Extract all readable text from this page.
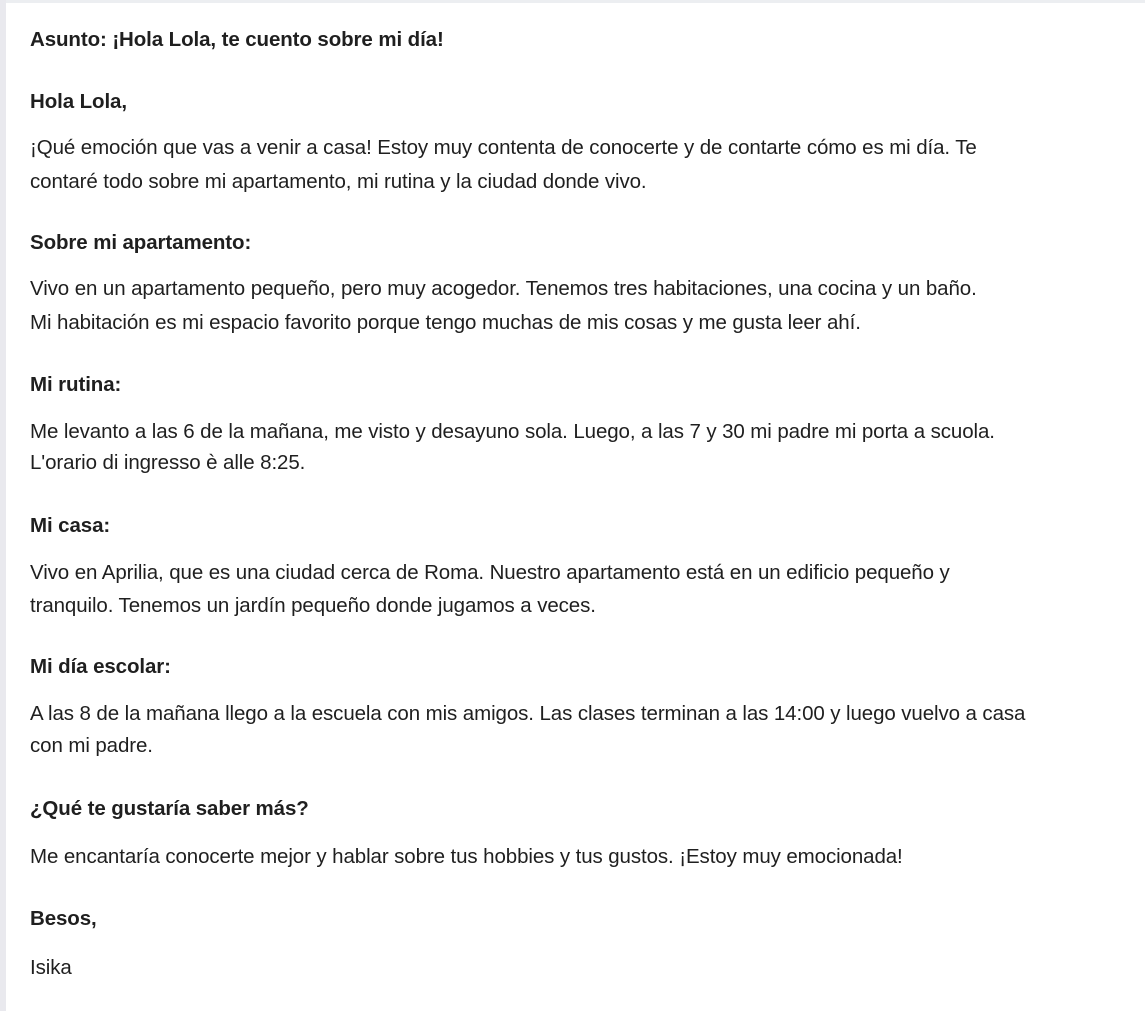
Asunto: ¡Hola Lola, te cuento sobre mi día!
Hola Lola,
¡Qué emoción que vas a venir a casa! Estoy muy contenta de conocerte y de contarte cómo es mi día. Te
contaré todo sobre mi apartamento, mi rutina y la ciudad donde vivo.
Sobre mi apartamento:
Vivo en un apartamento pequeño, pero muy acogedor. Tenemos tres habitaciones, una cocina y un baño.
Mi habitación es mi espacio favorito porque tengo muchas de mis cosas y me gusta leer ahí.
Mi rutina:
Me levanto a las 6 de la mañana, me visto y desayuno sola. Luego, a las 7 y 30 mi padre mi porta a scuola.
L'orario di ingresso è alle 8:25.
Mi casa:
Vivo en Aprilia, que es una ciudad cerca de Roma. Nuestro apartamento está en un edificio pequeño y
tranquilo. Tenemos un jardín pequeño donde jugamos a veces.
Mi día escolar:
A las 8 de la mañana llego a la escuela con mis amigos. Las clases terminan a las 14:00 y luego vuelvo a casa
con mi padre.
¿Qué te gustaría saber más?
Me encantaría conocerte mejor y hablar sobre tus hobbies y tus gustos. ¡Estoy muy emocionada!
Besos,
Isika
